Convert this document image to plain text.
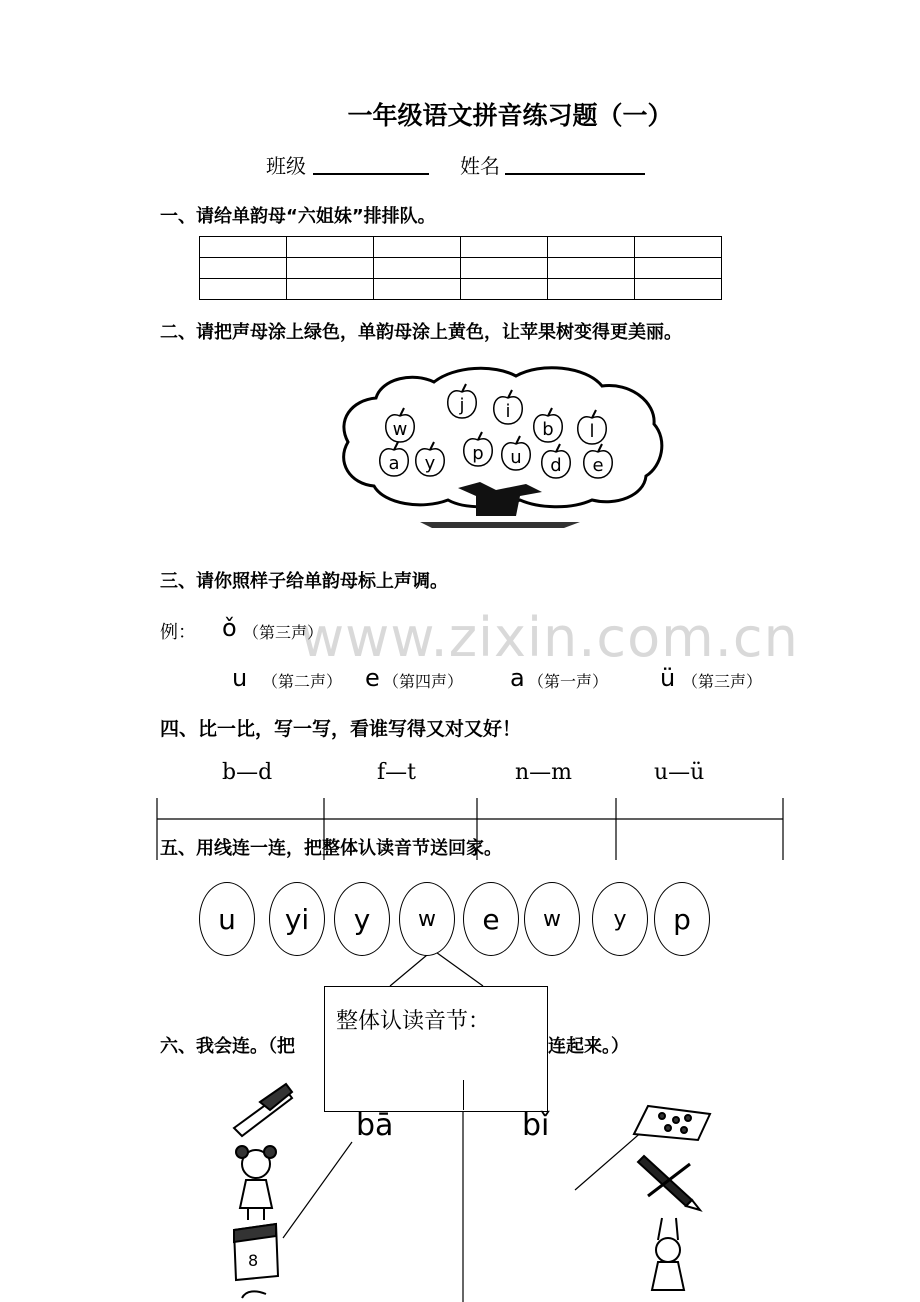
一年级语文拼音练习题（一）
班级	姓名
一、请给单韵母“六姐妹”排排队。

二、请把声母涂上绿色，单韵母涂上黄色，让苹果树变得更美丽。
j i
w	b l
a y p u d e
三、请你照样子给单韵母标上声调。
www.zixin.com.cn
例： ǒ （第三声）
u （第二声） e （第四声） a （第一声） ü （第三声）
四、比一比，写一写，看谁写得又对又好！
b—d	f—t	n—m	u—ü
五、用线连一连，把整体认读音节送回家。
u	yi	y	w	e	w	y	p
六、我会连。（把	连起来。）
整体认读音节：
bā	bǐ
8
